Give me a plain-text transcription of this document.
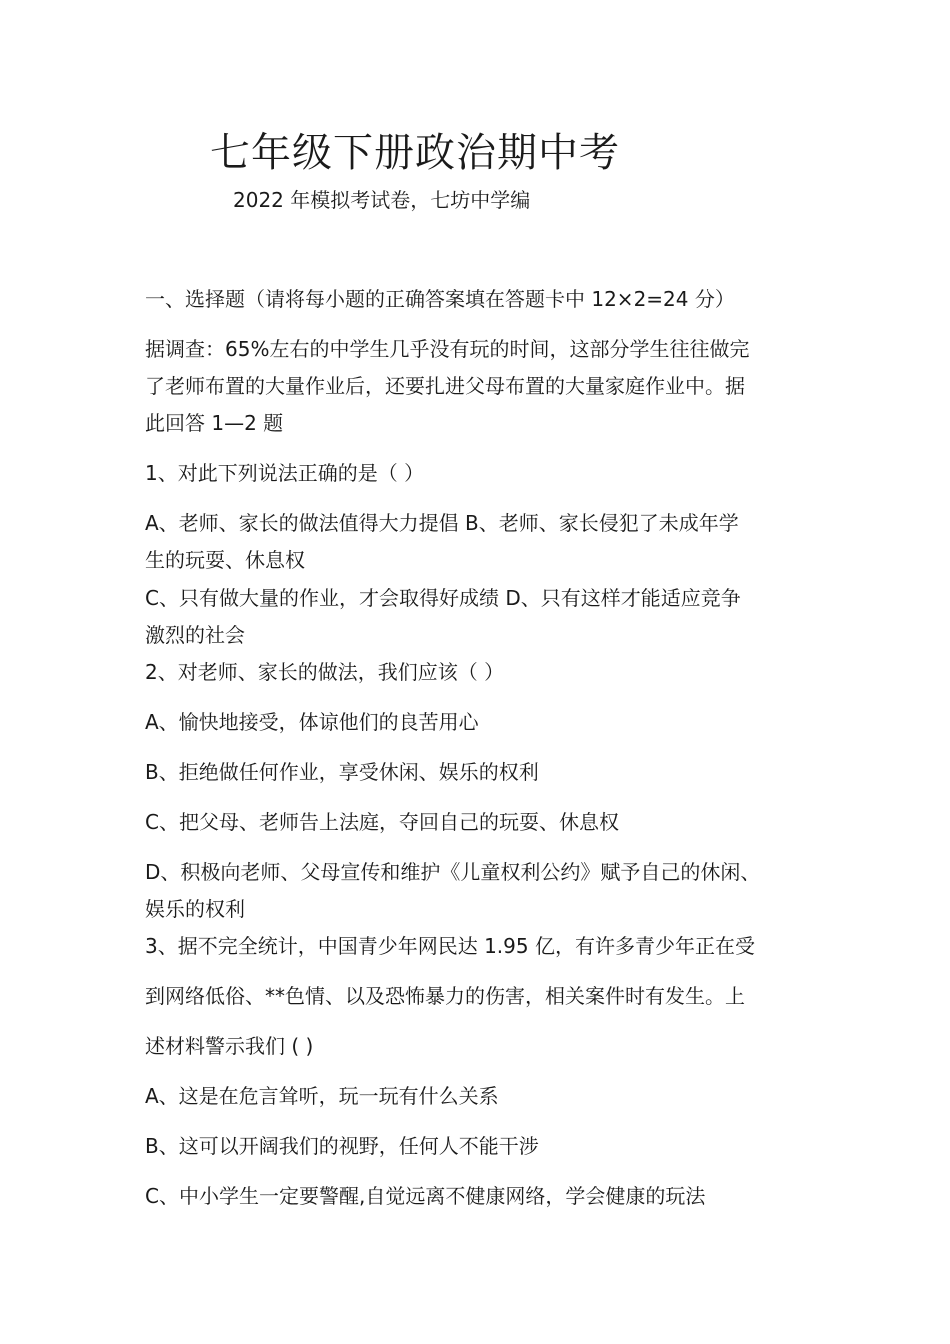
七年级下册政治期中考
2022 年模拟考试卷，七坊中学编
一、选择题（请将每小题的正确答案填在答题卡中 12×2=24 分）
据调查：65%左右的中学生几乎没有玩的时间，这部分学生往往做完
了老师布置的大量作业后，还要扎进父母布置的大量家庭作业中。据
此回答 1—2 题
1、对此下列说法正确的是（ ）
A、老师、家长的做法值得大力提倡 B、老师、家长侵犯了未成年学
生的玩耍、休息权
C、只有做大量的作业，才会取得好成绩 D、只有这样才能适应竞争
激烈的社会
2、对老师、家长的做法，我们应该（ ）
A、愉快地接受，体谅他们的良苦用心
B、拒绝做任何作业，享受休闲、娱乐的权利
C、把父母、老师告上法庭，夺回自己的玩耍、休息权
D、积极向老师、父母宣传和维护《儿童权利公约》赋予自己的休闲、
娱乐的权利
3、据不完全统计，中国青少年网民达 1.95 亿，有许多青少年正在受
到网络低俗、**色情、以及恐怖暴力的伤害，相关案件时有发生。上
述材料警示我们 ( )
A、这是在危言耸听，玩一玩有什么关系
B、这可以开阔我们的视野，任何人不能干涉
C、中小学生一定要警醒,自觉远离不健康网络，学会健康的玩法
